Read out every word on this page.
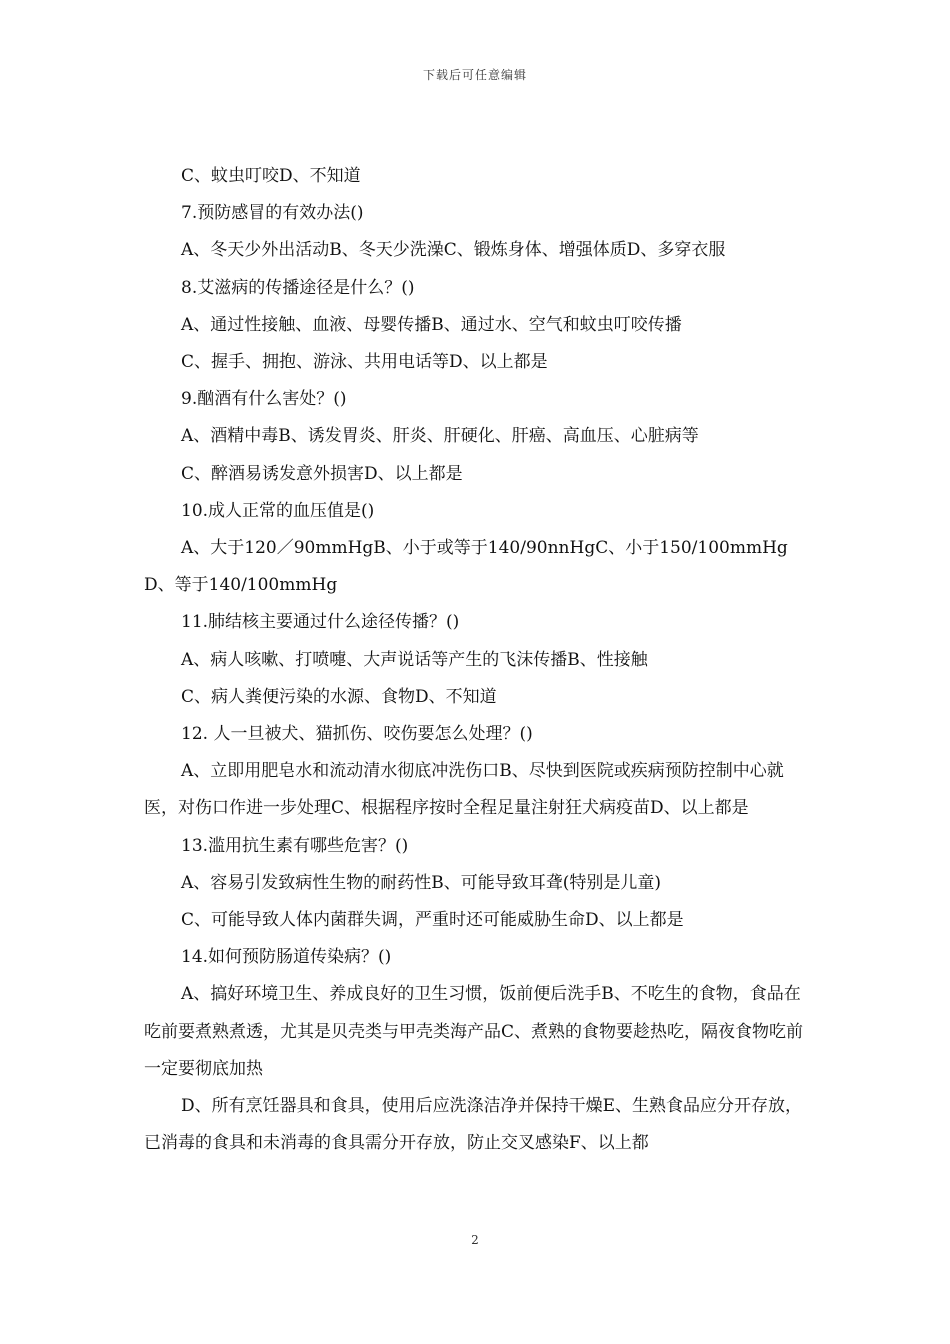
下载后可任意编辑

C、蚊虫叮咬D、不知道

7.预防感冒的有效办法()

A、冬天少外出活动B、冬天少洗澡C、锻炼身体、增强体质D、多穿衣服

8.艾滋病的传播途径是什么？()

A、通过性接触、血液、母婴传播B、通过水、空气和蚊虫叮咬传播

C、握手、拥抱、游泳、共用电话等D、以上都是

9.酗酒有什么害处？()

A、酒精中毒B、诱发胃炎、肝炎、肝硬化、肝癌、高血压、心脏病等

C、醉酒易诱发意外损害D、以上都是

10.成人正常的血压值是()

A、大于120／90mmHgB、小于或等于140/90nnHgC、小于150/100mmHgD、等于140/100mmHg

11.肺结核主要通过什么途径传播？()

A、病人咳嗽、打喷嚏、大声说话等产生的飞沫传播B、性接触

C、病人粪便污染的水源、食物D、不知道

12. 人一旦被犬、猫抓伤、咬伤要怎么处理？()

A、立即用肥皂水和流动清水彻底冲洗伤口B、尽快到医院或疾病预防控制中心就医，对伤口作进一步处理C、根据程序按时全程足量注射狂犬病疫苗D、以上都是

13.滥用抗生素有哪些危害？()

A、容易引发致病性生物的耐药性B、可能导致耳聋(特别是儿童)

C、可能导致人体内菌群失调，严重时还可能威胁生命D、以上都是

14.如何预防肠道传染病？()

A、搞好环境卫生、养成良好的卫生习惯，饭前便后洗手B、不吃生的食物，食品在吃前要煮熟煮透，尤其是贝壳类与甲壳类海产品C、煮熟的食物要趁热吃，隔夜食物吃前一定要彻底加热

D、所有烹饪器具和食具，使用后应洗涤洁净并保持干燥E、生熟食品应分开存放，已消毒的食具和未消毒的食具需分开存放，防止交叉感染F、以上都

2
